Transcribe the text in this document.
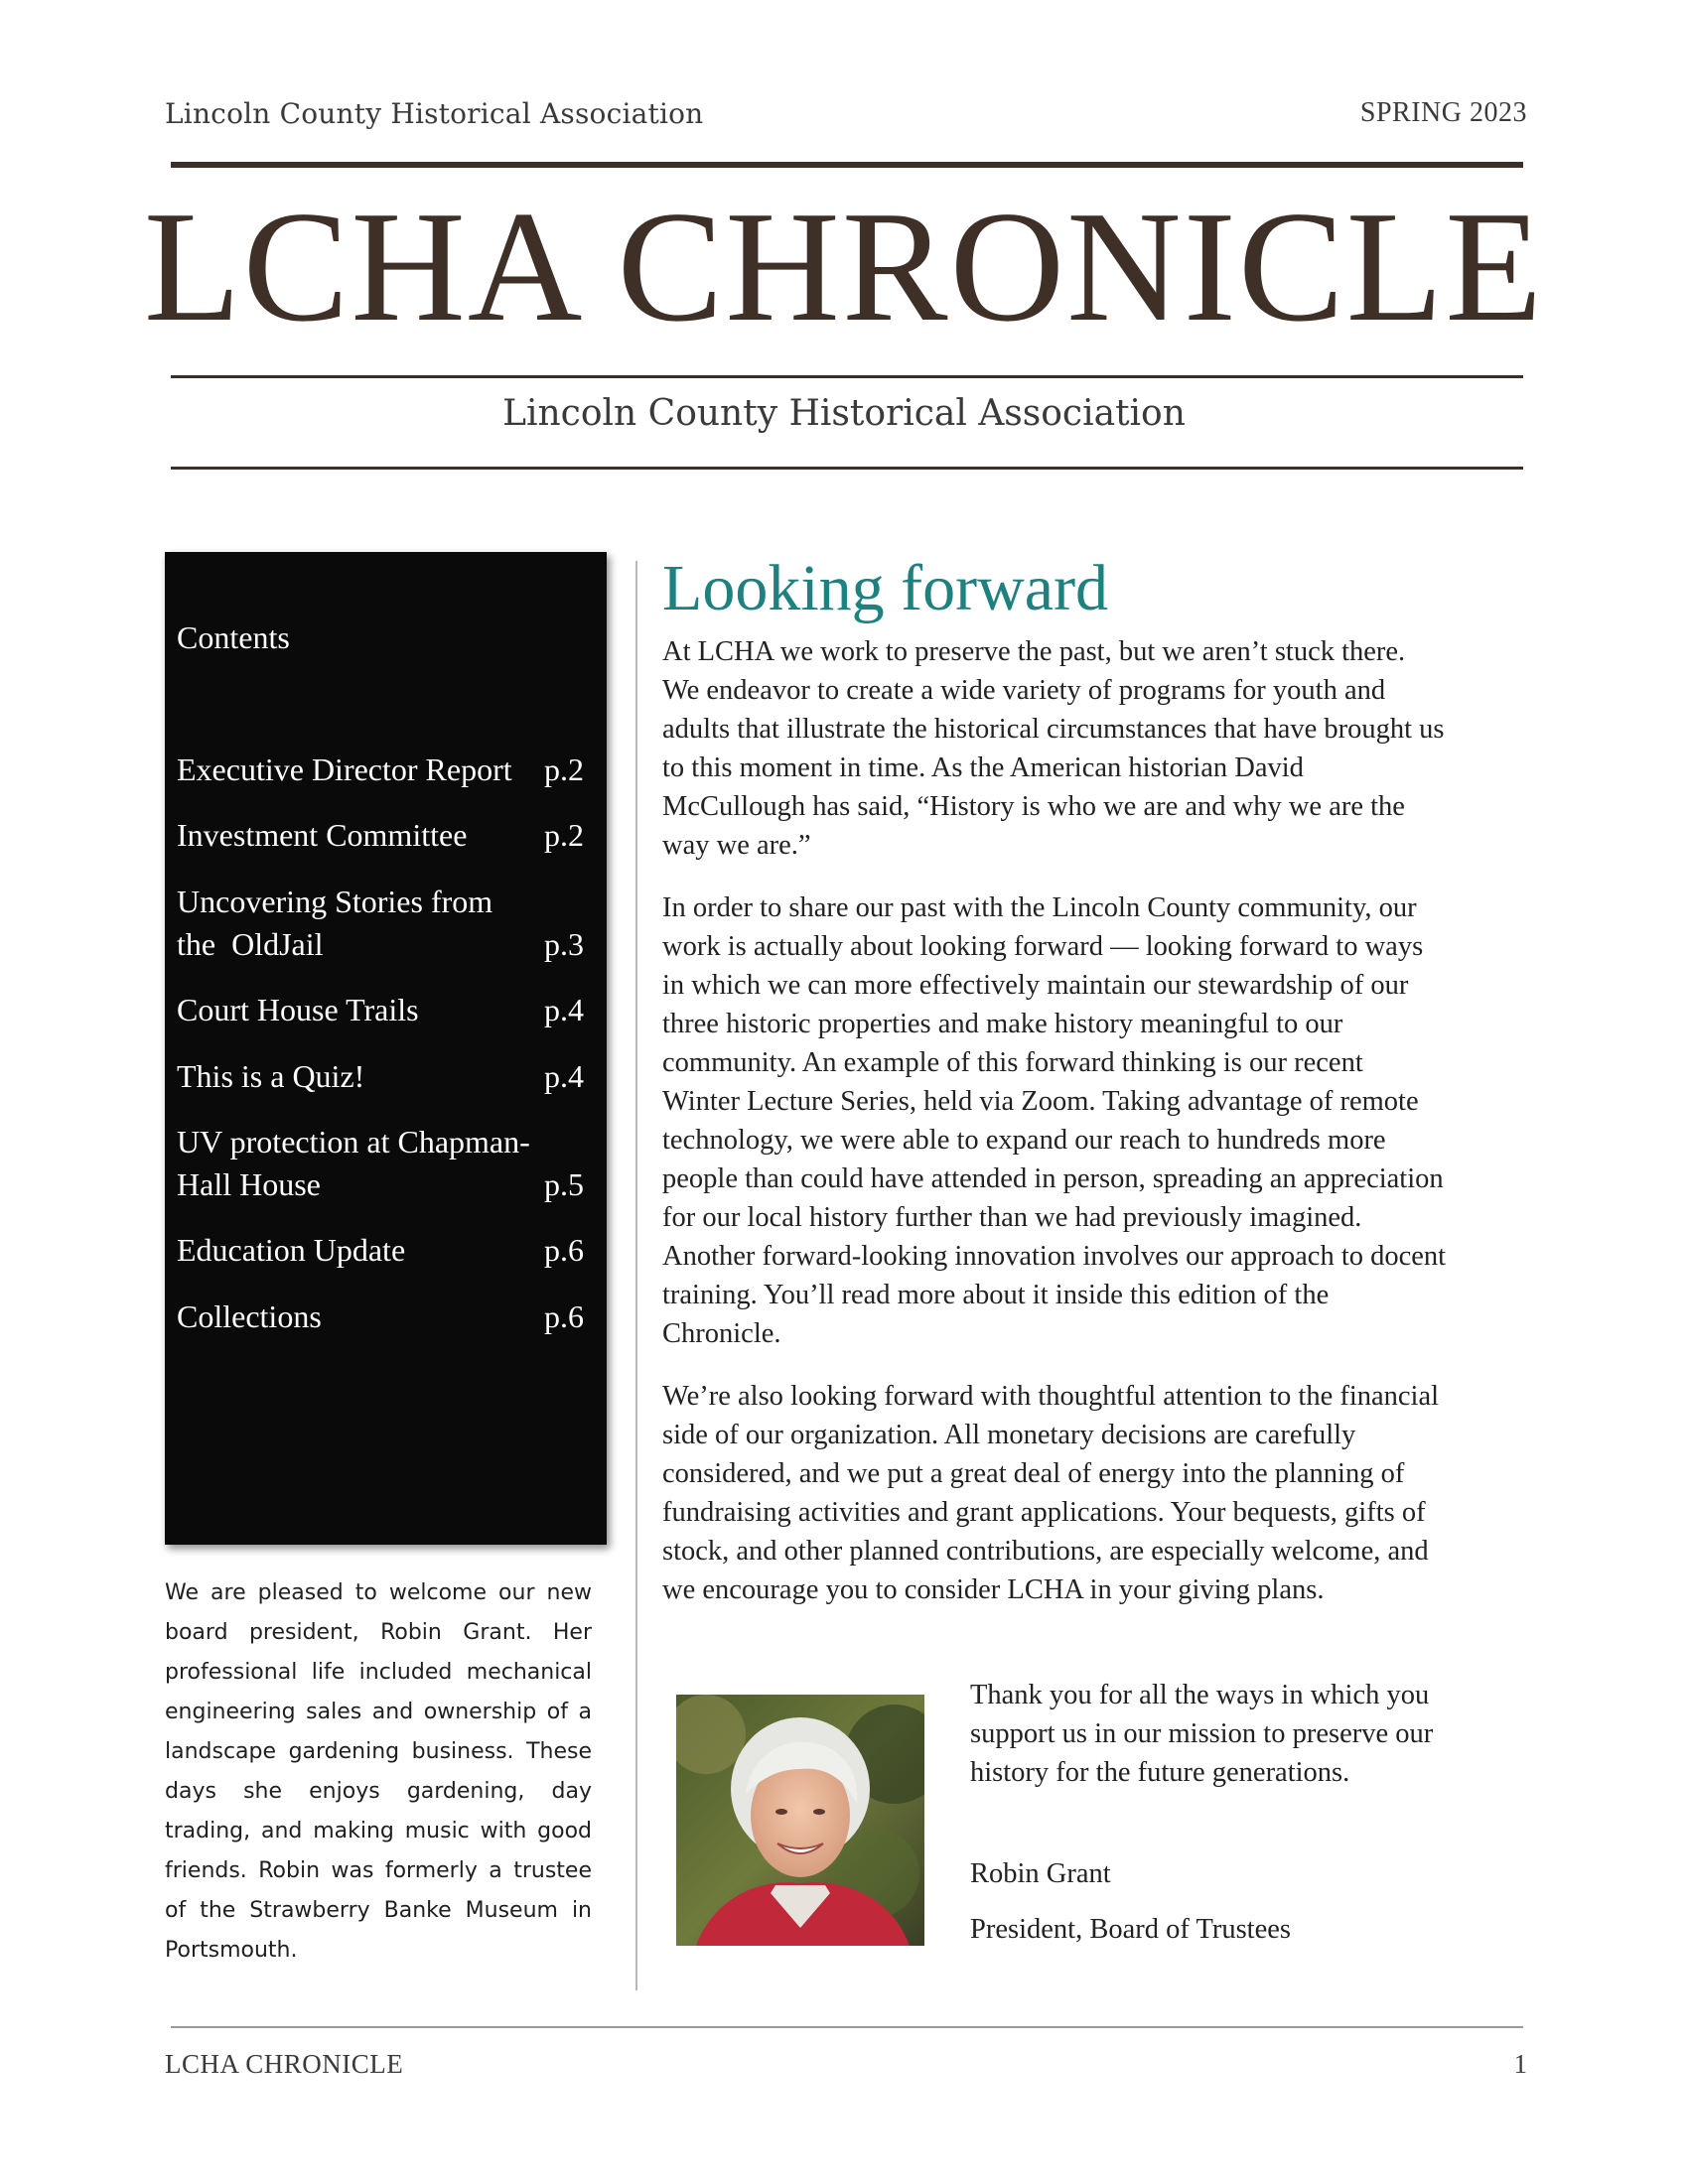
Lincoln County Historical Association	SPRING 2023
LCHA CHRONICLE
Lincoln County Historical Association
Contents
Executive Director Report p.2
Investment Committee p.2
Uncovering Stories from
the  OldJail	p.3
Court House Trails	p.4
This is a Quiz!	p.4
UV protection at Chapman-
Hall House	p.5
Education Update	p.6
Collections	p.6
We are pleased to welcome our new board president, Robin Grant. Her professional life included mechanical engineering sales and ownership of a landscape gardening business. These days she enjoys gardening, day trading, and making music with good friends. Robin was formerly a trustee of the Strawberry Banke Museum in Portsmouth.
Looking forward

At LCHA we work to preserve the past, but we aren’t stuck there. We endeavor to create a wide variety of programs for youth and adults that illustrate the historical circumstances that have brought us to this moment in time. As the American historian David McCullough has said, “History is who we are and why we are the way we are.”

In order to share our past with the Lincoln County community, our work is actually about looking forward — looking forward to ways in which we can more effectively maintain our stewardship of our three historic properties and make history meaningful to our community. An example of this forward thinking is our recent Winter Lecture Series, held via Zoom. Taking advantage of remote technology, we were able to expand our reach to hundreds more people than could have attended in person, spreading an appreciation for our local history further than we had previously imagined. Another forward-looking innovation involves our approach to docent training. You’ll read more about it inside this edition of the Chronicle.

We’re also looking forward with thoughtful attention to the financial side of our organization. All monetary decisions are carefully considered, and we put a great deal of energy into the planning of fundraising activities and grant applications. Your bequests, gifts of stock, and other planned contributions, are especially welcome, and we encourage you to consider LCHA in your giving plans.

Thank you for all the ways in which you support us in our mission to preserve our history for the future generations.
Robin Grant
President, Board of Trustees
LCHA CHRONICLE	1
